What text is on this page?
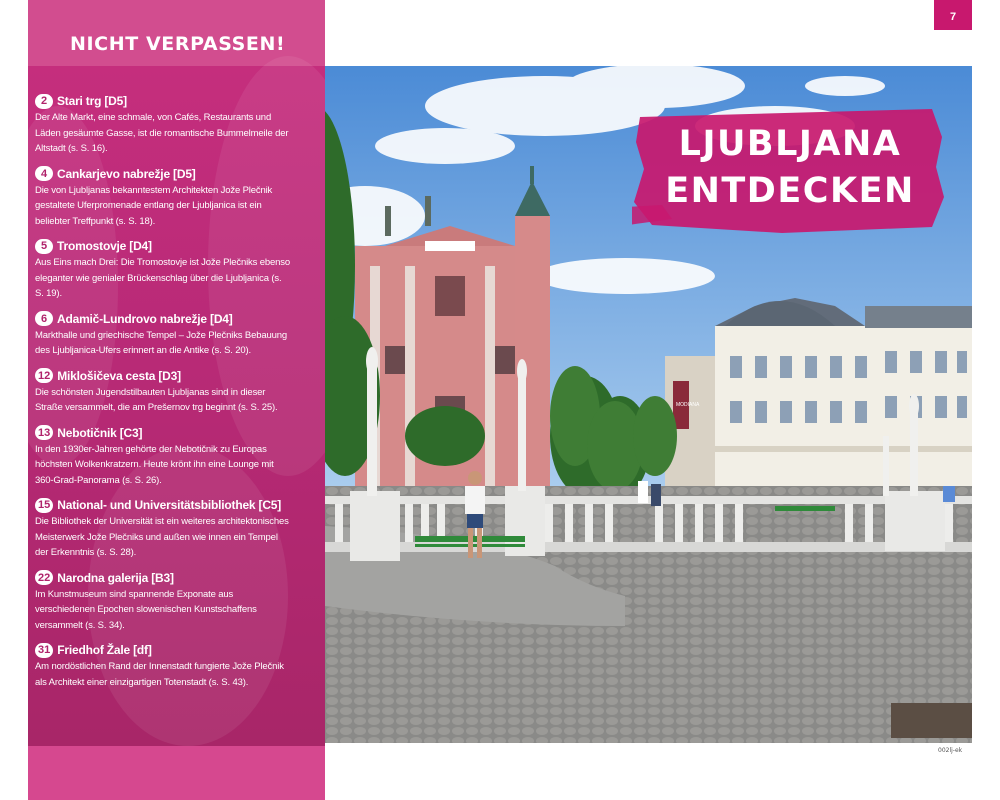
7
NICHT VERPASSEN!
2 Stari trg [D5]

Der Alte Markt, eine schmale, von Cafés, Restaurants und Läden gesäumte Gasse, ist die romantische Bummelmeile der Altstadt (s. S. 16).

4 Cankarjevo nabrežje [D5]

Die von Ljubljanas bekanntestem Architekten Jože Plečnik gestaltete Uferpromenade entlang der Ljubljanica ist ein beliebter Treffpunkt (s. S. 18).

5 Tromostovje [D4]

Aus Eins mach Drei: Die Tromostovje ist Jože Plečniks ebenso eleganter wie genialer Brückenschlag über die Ljubljanica (s. S. 19).

6 Adamič-Lundrovo nabrežje [D4]

Markthalle und griechische Tempel – Jože Plečniks Bebauung des Ljubljanica-Ufers erinnert an die Antike (s. S. 20).

12 Miklošičeva cesta [D3]

Die schönsten Jugendstilbauten Ljubljanas sind in dieser Straße versammelt, die am Prešernov trg beginnt (s. S. 25).

13 Nebotičnik [C3]

In den 1930er-Jahren gehörte der Nebotičnik zu Europas höchsten Wolkenkratzern. Heute krönt ihn eine Lounge mit 360-Grad-Panorama (s. S. 26).

15 National- und Universitätsbibliothek [C5]

Die Bibliothek der Universität ist ein weiteres architektonisches Meisterwerk Jože Plečniks und außen wie innen ein Tempel der Erkenntnis (s. S. 28).

22 Narodna galerija [B3]

Im Kunstmuseum sind spannende Exponate aus verschiedenen Epochen slowenischen Kunstschaffens versammelt (s. S. 34).

31 Friedhof Žale [df]

Am nordöstlichen Rand der Innenstadt fungierte Jože Plečnik als Architekt einer einzigartigen Totenstadt (s. S. 43).

MODIANA
LJUBLJANA
ENTDECKEN
002lj-ek
